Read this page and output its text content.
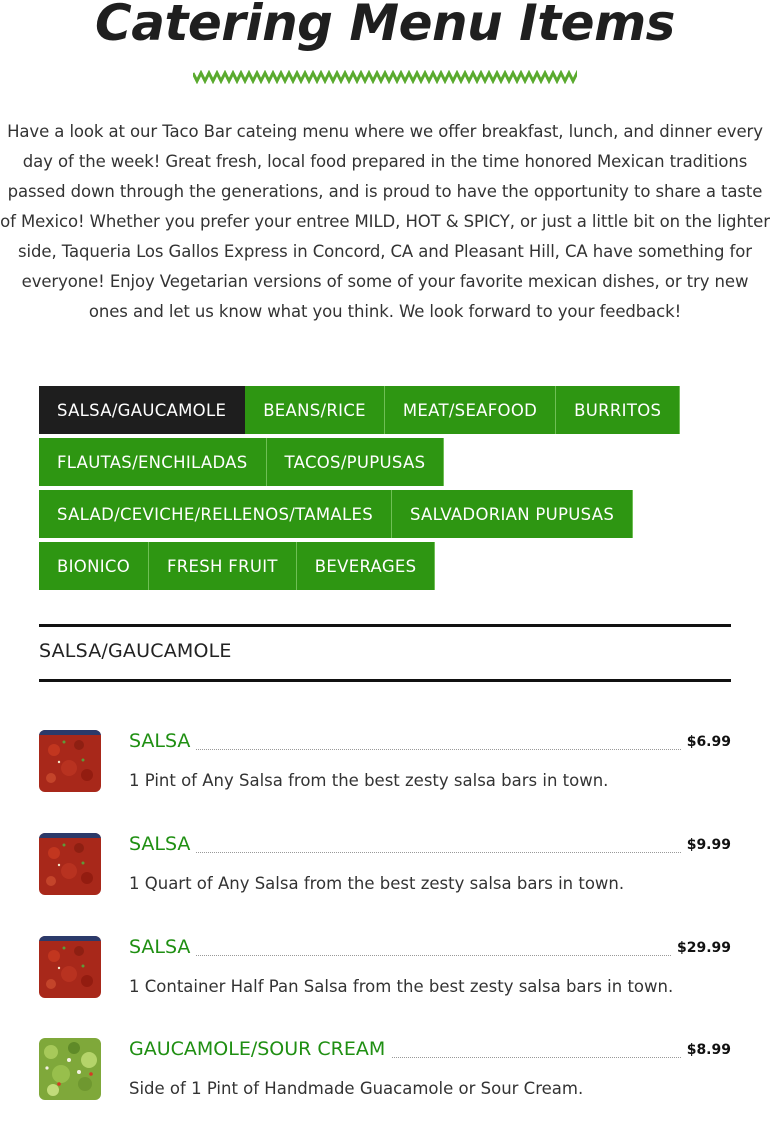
Catering Menu Items

Have a look at our Taco Bar cateing menu where we offer breakfast, lunch, and dinner every day of the week! Great fresh, local food prepared in the time honored Mexican traditions passed down through the generations, and is proud to have the opportunity to share a taste of Mexico! Whether you prefer your entree MILD, HOT & SPICY, or just a little bit on the lighter side, Taqueria Los Gallos Express in Concord, CA and Pleasant Hill, CA have something for everyone! Enjoy Vegetarian versions of some of your favorite mexican dishes, or try new ones and let us know what you think. We look forward to your feedback!

SALSA/GAUCAMOLE	BEANS/RICE	MEAT/SEAFOOD	BURRITOS
FLAUTAS/ENCHILADAS	TACOS/PUPUSAS
SALAD/CEVICHE/RELLENOS/TAMALES	SALVADORIAN PUPUSAS
BIONICO	FRESH FRUIT	BEVERAGES
SALSA/GAUCAMOLE
SALSA	$6.99
1 Pint of Any Salsa from the best zesty salsa bars in town.
SALSA	$9.99
1 Quart of Any Salsa from the best zesty salsa bars in town.
SALSA	$29.99
1 Container Half Pan Salsa from the best zesty salsa bars in town.
GAUCAMOLE/SOUR CREAM	$8.99
Side of 1 Pint of Handmade Guacamole or Sour Cream.
